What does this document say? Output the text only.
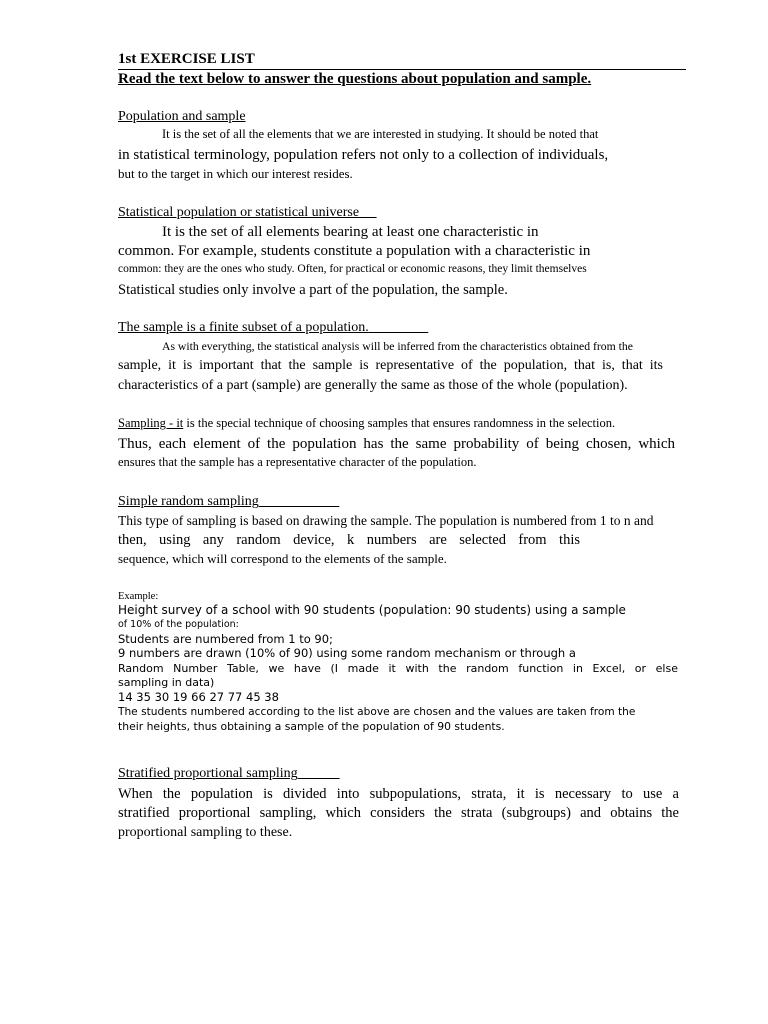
1st EXERCISE LIST
Read the text below to answer the questions about population and sample.
Population and sample
It is the set of all the elements that we are interested in studying. It should be noted that
in statistical terminology, population refers not only to a collection of individuals,
but to the target in which our interest resides.
Statistical population or statistical universe
It is the set of all elements bearing at least one characteristic in
common. For example, students constitute a population with a characteristic in
common: they are the ones who study. Often, for practical or economic reasons, they limit themselves
Statistical studies only involve a part of the population, the sample.
The sample is a finite subset of a population.
As with everything, the statistical analysis will be inferred from the characteristics obtained from the
sample, it is important that the sample is representative of the population, that is, that its
characteristics of a part (sample) are generally the same as those of the whole (population).
Sampling - it is the special technique of choosing samples that ensures randomness in the selection.
Thus, each element of the population has the same probability of being chosen, which
ensures that the sample has a representative character of the population.
Simple random sampling
This type of sampling is based on drawing the sample. The population is numbered from 1 to n and
then, using any random device, k numbers are selected from this
sequence, which will correspond to the elements of the sample.
Example:
Height survey of a school with 90 students (population: 90 students) using a sample
of 10% of the population:
Students are numbered from 1 to 90;
9 numbers are drawn (10% of 90) using some random mechanism or through a
Random Number Table, we have (I made it with the random function in Excel, or else
sampling in data)
14 35 30 19 66 27 77 45 38
The students numbered according to the list above are chosen and the values are taken from the
their heights, thus obtaining a sample of the population of 90 students.
Stratified proportional sampling
When the population is divided into subpopulations, strata, it is necessary to use a
stratified proportional sampling, which considers the strata (subgroups) and obtains the
proportional sampling to these.
